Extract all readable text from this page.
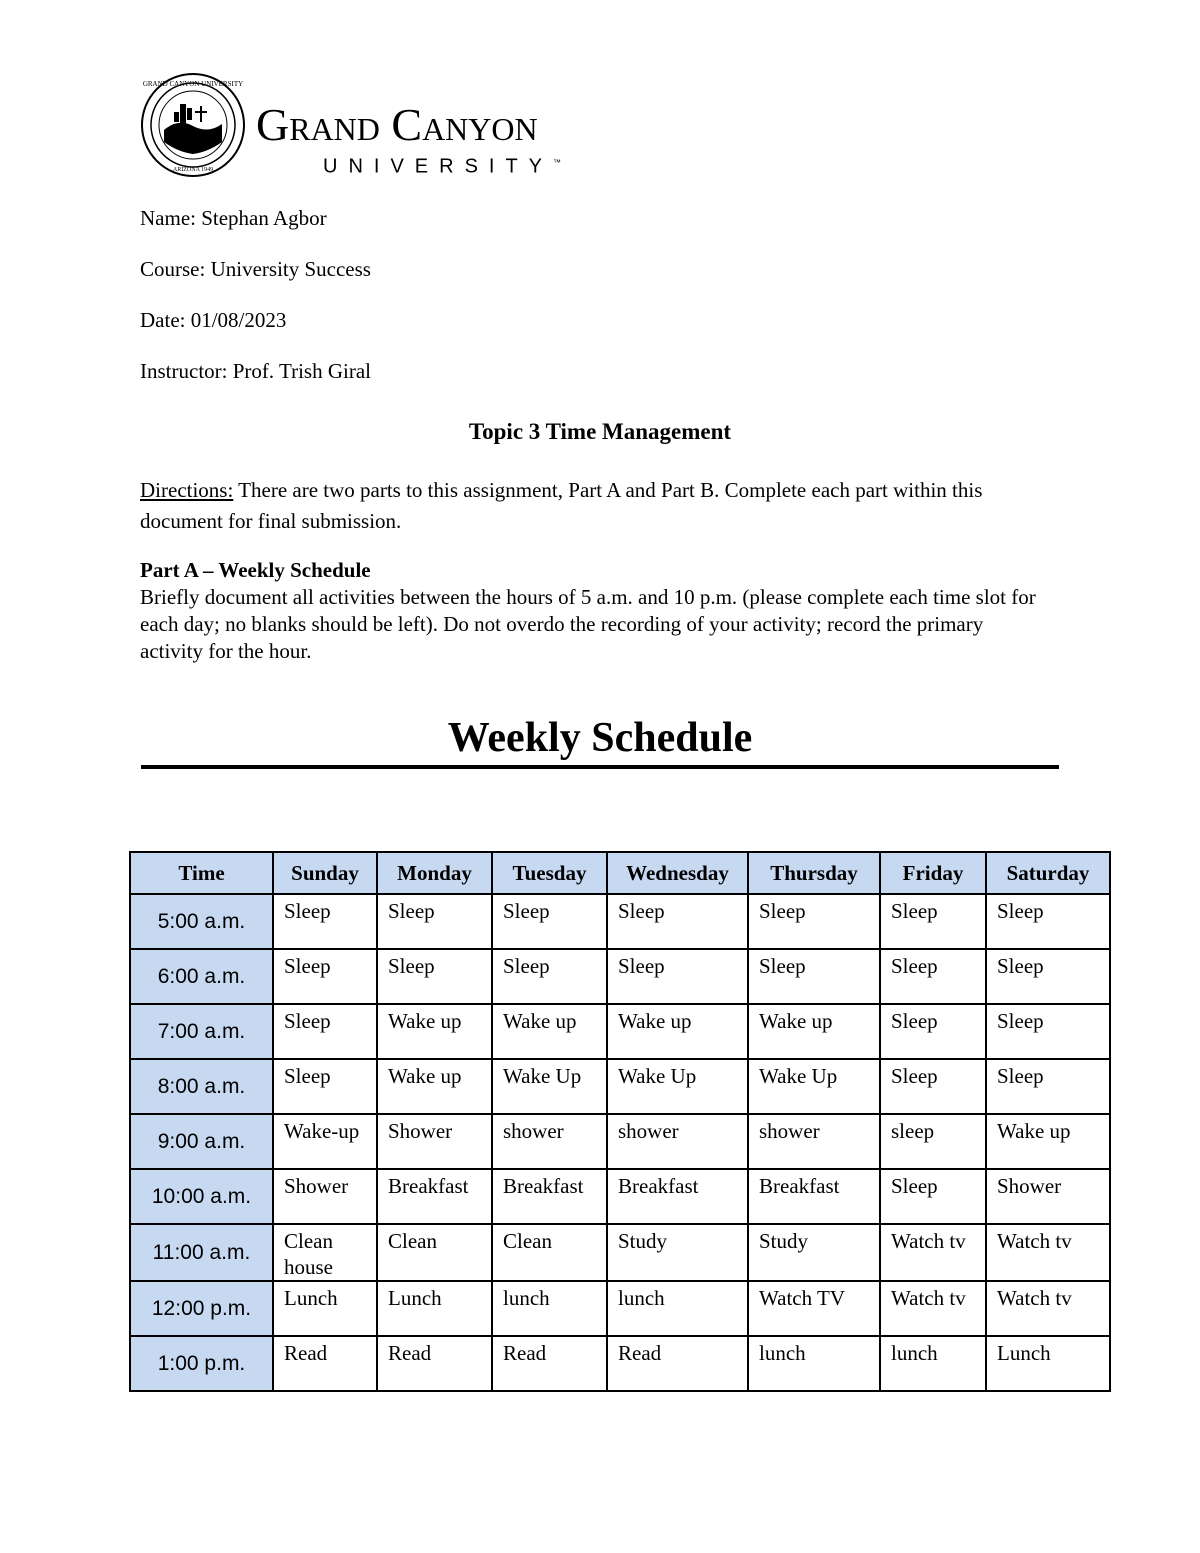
GRAND CANYON UNIVERSITY
ARIZONA 1949
Grand Canyon
UNIVERSITY™
Name: Stephan Agbor
Course: University Success
Date: 01/08/2023
Instructor: Prof. Trish Giral
Topic 3 Time Management
Directions: There are two parts to this assignment, Part A and Part B. Complete each part within this document for final submission.
Part A – Weekly Schedule
Briefly document all activities between the hours of 5 a.m. and 10 p.m. (please complete each time slot for each day; no blanks should be left). Do not overdo the recording of your activity; record the primary activity for the hour.
Weekly Schedule
Time	Sunday	Monday	Tuesday	Wednesday	Thursday	Friday	Saturday
5:00 a.m.	Sleep	Sleep	Sleep	Sleep	Sleep	Sleep	Sleep
6:00 a.m.	Sleep	Sleep	Sleep	Sleep	Sleep	Sleep	Sleep
7:00 a.m.	Sleep	Wake up	Wake up	Wake up	Wake up	Sleep	Sleep
8:00 a.m.	Sleep	Wake up	Wake Up	Wake Up	Wake Up	Sleep	Sleep
9:00 a.m.	Wake-up	Shower	shower	shower	shower	sleep	Wake up
10:00 a.m.	Shower	Breakfast	Breakfast	Breakfast	Breakfast	Sleep	Shower
11:00 a.m.	Clean house	Clean	Clean	Study	Study	Watch tv	Watch tv
12:00 p.m.	Lunch	Lunch	lunch	lunch	Watch TV	Watch tv	Watch tv
1:00 p.m.	Read	Read	Read	Read	lunch	lunch	Lunch
